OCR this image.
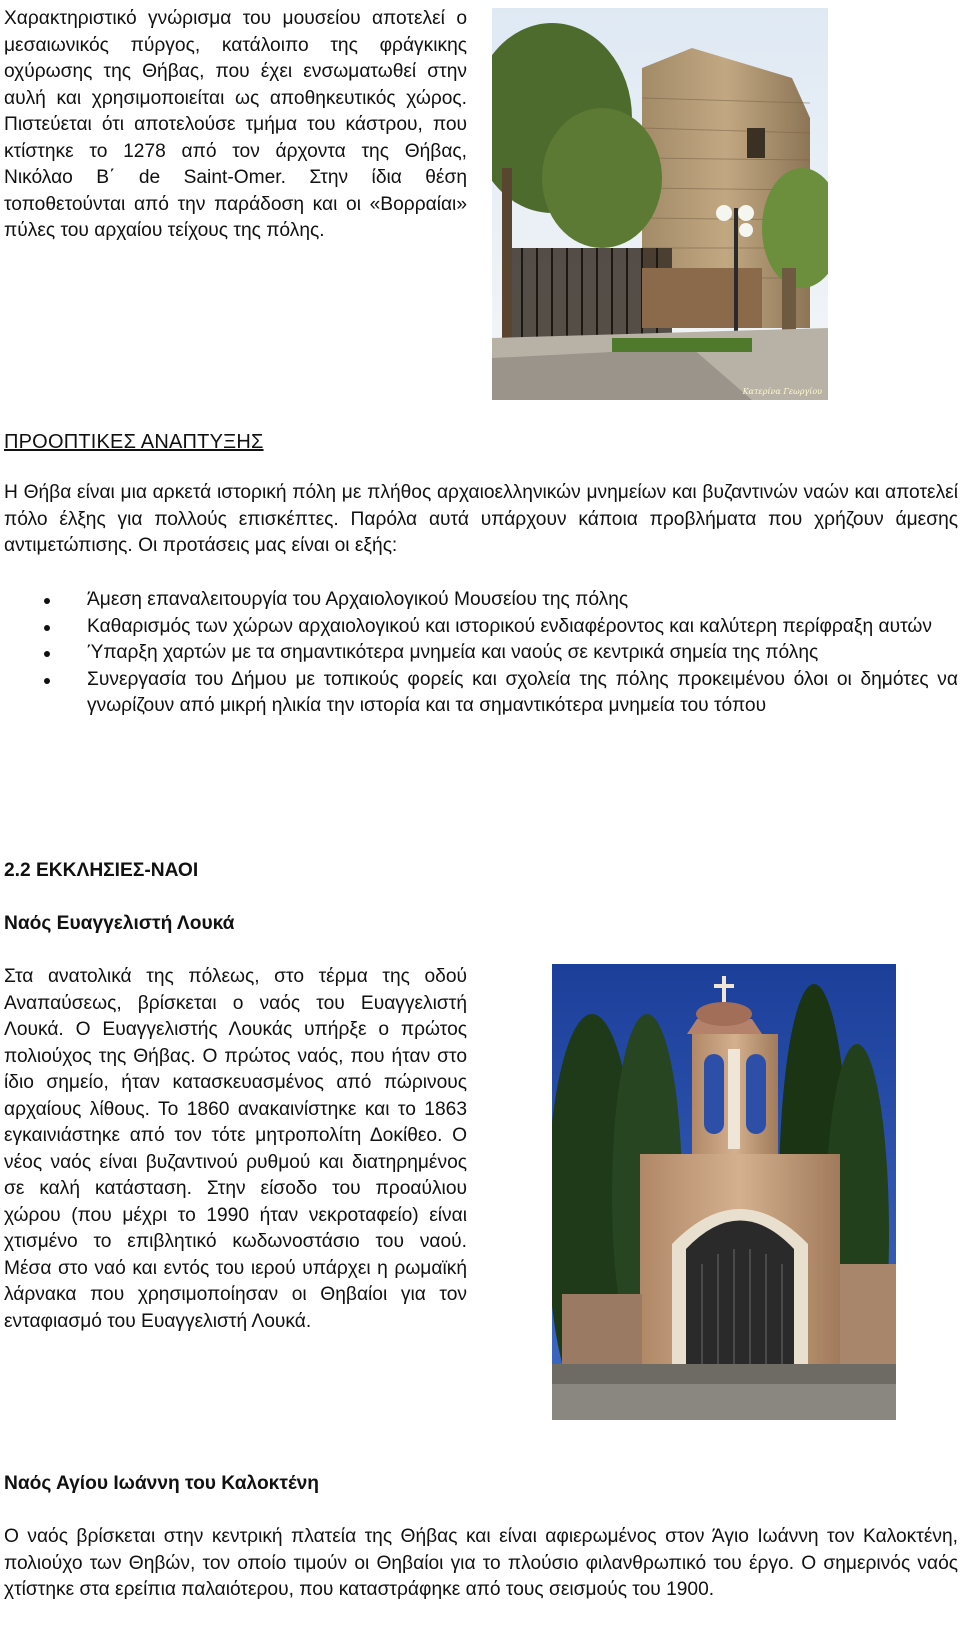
Χαρακτηριστικό γνώρισμα του μουσείου αποτελεί ο μεσαιωνικός πύργος, κατάλοιπο της φράγκικης οχύρωσης της Θήβας, που έχει ενσωματωθεί στην αυλή και χρησιμοποιείται ως αποθηκευτικός χώρος. Πιστεύεται ότι αποτελούσε τμήμα του κάστρου, που κτίστηκε το 1278 από τον άρχοντα της Θήβας, Νικόλαο Β΄ de Saint-Omer. Στην ίδια θέση τοποθετούνται από την παράδοση και οι «Βορραίαι» πύλες του αρχαίου τείχους της πόλης.

Κατερίνα Γεωργίου
ΠΡΟΟΠΤΙΚΕΣ ΑΝΑΠΤΥΞΗΣ

Η Θήβα είναι μια αρκετά ιστορική πόλη με πλήθος αρχαιοελληνικών μνημείων και βυζαντινών ναών και αποτελεί πόλο έλξης για πολλούς επισκέπτες. Παρόλα αυτά υπάρχουν κάποια προβλήματα που χρήζουν άμεσης αντιμετώπισης. Οι προτάσεις μας είναι οι εξής:

Άμεση επαναλειτουργία του Αρχαιολογικού Μουσείου της πόλης
Καθαρισμός των χώρων αρχαιολογικού και ιστορικού ενδιαφέροντος και καλύτερη περίφραξη αυτών
Ύπαρξη χαρτών με τα σημαντικότερα μνημεία και ναούς σε κεντρικά σημεία της πόλης
Συνεργασία του Δήμου με τοπικούς φορείς και σχολεία της πόλης προκειμένου όλοι οι δημότες να γνωρίζουν από μικρή ηλικία την ιστορία και τα σημαντικότερα μνημεία του τόπου
2.2 ΕΚΚΛΗΣΙΕΣ-ΝΑΟΙ
Ναός Ευαγγελιστή Λουκά

Στα ανατολικά της πόλεως, στο τέρμα της οδού Αναπαύσεως, βρίσκεται ο ναός του Ευαγγελιστή Λουκά. Ο Ευαγγελιστής Λουκάς υπήρξε ο πρώτος πολιούχος της Θήβας. Ο πρώτος ναός, που ήταν στο ίδιο σημείο, ήταν κατασκευασμένος από πώρινους αρχαίους λίθους. Το 1860 ανακαινίστηκε και το 1863 εγκαινιάστηκε από τον τότε μητροπολίτη Δοκίθεο. Ο νέος ναός είναι βυζαντινού ρυθμού και διατηρημένος σε καλή κατάσταση. Στην είσοδο του προαύλιου χώρου (που μέχρι το 1990 ήταν νεκροταφείο) είναι χτισμένο το επιβλητικό κωδωνοστάσιο του ναού. Μέσα στο ναό και εντός του ιερού υπάρχει η ρωμαϊκή λάρνακα που χρησιμοποίησαν οι Θηβαίοι για τον ενταφιασμό του Ευαγγελιστή Λουκά.

Ναός Αγίου Ιωάννη του Καλοκτένη

Ο ναός βρίσκεται στην κεντρική πλατεία της Θήβας και είναι αφιερωμένος στον Άγιο Ιωάννη τον Καλοκτένη, πολιούχο των Θηβών, τον οποίο τιμούν οι Θηβαίοι για το πλούσιο φιλανθρωπικό του έργο. Ο σημερινός ναός χτίστηκε στα ερείπια παλαιότερου, που καταστράφηκε από τους σεισμούς του 1900.
